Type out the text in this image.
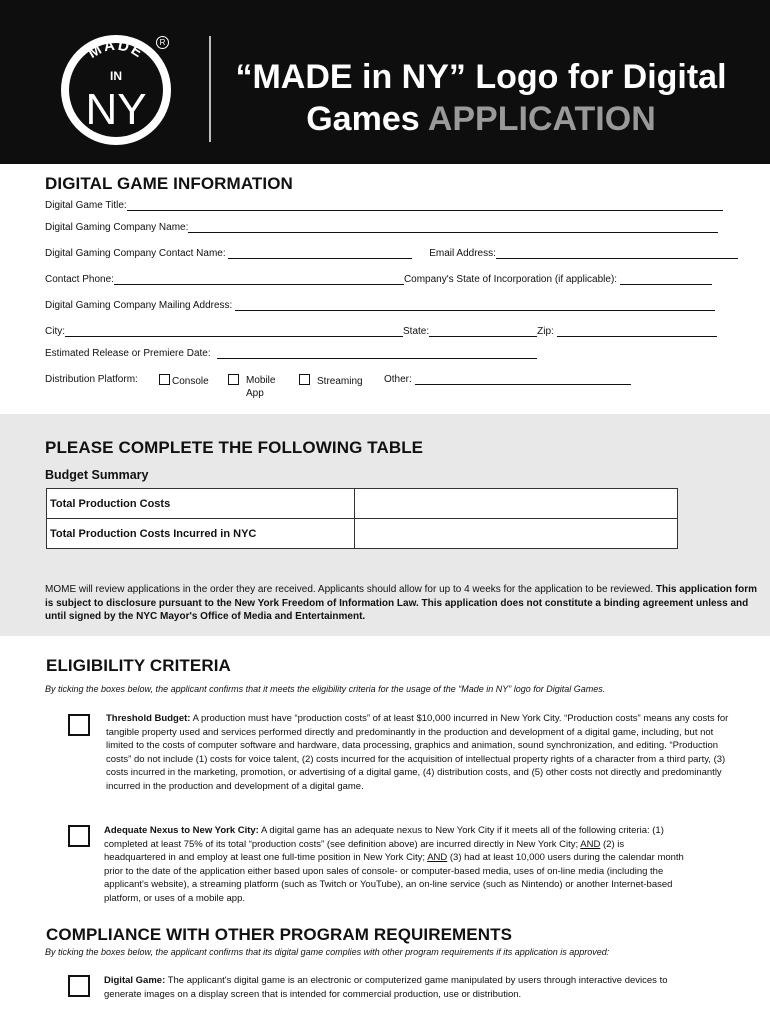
MADE
IN
NY
R
“MADE in NY” Logo for Digital
Games APPLICATION
DIGITAL GAME INFORMATION
Digital Game Title:
Digital Gaming Company Name:
Digital Gaming Company Contact Name:	Email Address:
Contact Phone:	Company's State of Incorporation (if applicable):
Digital Gaming Company Mailing Address:
City:	State:	Zip:
Estimated Release or Premiere Date:
Distribution Platform:	Console	Mobile App
Streaming Other:
PLEASE COMPLETE THE FOLLOWING TABLE
Budget Summary
Total Production Costs	
Total Production Costs Incurred in NYC	
MOME will review applications in the order they are received. Applicants should allow for up to 4 weeks for the application to be reviewed. This application form is subject to disclosure pursuant to the New York Freedom of Information Law. This application does not constitute a binding agreement unless and until signed by the NYC Mayor's Office of Media and Entertainment.
ELIGIBILITY CRITERIA
By ticking the boxes below, the applicant confirms that it meets the eligibility criteria for the usage of the “Made in NY” logo for Digital Games.
Threshold Budget: A production must have “production costs” of at least $10,000 incurred in New York City. “Production costs” means any costs for tangible property used and services performed directly and predominantly in the production and development of a digital game, including, but not limited to the costs of computer software and hardware, data processing, graphics and animation, sound synchronization, and editing. “Production costs” do not include (1) costs for voice talent, (2) costs incurred for the acquisition of intellectual property rights of a character from a third party, (3) costs incurred in the marketing, promotion, or advertising of a digital game, (4) distribution costs, and (5) other costs not directly and predominantly incurred in the production and development of a digital game.
Adequate Nexus to New York City: A digital game has an adequate nexus to New York City if it meets all of the following criteria: (1) completed at least 75% of its total “production costs” (see definition above) are incurred directly in New York City; AND (2) is headquartered in and employ at least one full-time position in New York City; AND (3) had at least 10,000 users during the calendar month prior to the date of the application either based upon sales of console- or computer-based media, uses of on-line media (including the applicant's website), a streaming platform (such as Twitch or YouTube), an on-line service (such as Nintendo) or another Internet-based platform, or uses of a mobile app.
COMPLIANCE WITH OTHER PROGRAM REQUIREMENTS
By ticking the boxes below, the applicant confirms that its digital game complies with other program requirements if its application is approved:
Digital Game: The applicant's digital game is an electronic or computerized game manipulated by users through interactive devices to generate images on a display screen that is intended for commercial production, use or distribution.
